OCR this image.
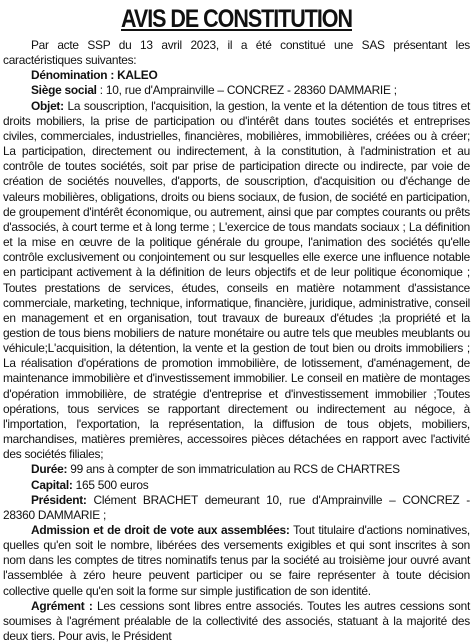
AVIS DE CONSTITUTION

Par acte SSP du 13 avril 2023, il a été constitué une SAS présentant les caractéristiques suivantes:

Dénomination : KALEO

Siège social : 10, rue d'Amprainville – CONCREZ - 28360 DAMMARIE ;

Objet: La souscription, l'acquisition, la gestion, la vente et la détention de tous titres et droits mobiliers, la prise de participation ou d'intérêt dans toutes sociétés et entreprises civiles, commerciales, industrielles, financières, mobilières, immobilières, créées ou à créer; La participation, directement ou indirectement, à la constitution, à l'administration et au contrôle de toutes sociétés, soit par prise de participation directe ou indirecte, par voie de création de sociétés nouvelles, d'apports, de souscription, d'acquisition ou d'échange de valeurs mobilières, obligations, droits ou biens sociaux, de fusion, de société en participation, de groupement d'intérêt économique, ou autrement, ainsi que par comptes courants ou prêts d'associés, à court terme et à long terme ; L'exercice de tous mandats sociaux ; La définition et la mise en œuvre de la politique générale du groupe, l'animation des sociétés qu'elle contrôle exclusivement ou conjointement ou sur lesquelles elle exerce une influence notable en participant activement à la définition de leurs objectifs et de leur politique économique ; Toutes prestations de services, études, conseils en matière notamment d'assistance commerciale, marketing, technique, informatique, financière, juridique, administrative, conseil en management et en organisation, tout travaux de bureaux d'études ;la propriété et la gestion de tous biens mobiliers de nature monétaire ou autre tels que meubles meublants ou véhicule;L'acquisition, la détention, la vente et la gestion de tout bien ou droits immobiliers ; La réalisation d'opérations de promotion immobilière, de lotissement, d'aménagement, de maintenance immobilière et d'investissement immobilier. Le conseil en matière de montages d'opération immobilière, de stratégie d'entreprise et d'investissement immobilier ;Toutes opérations, tous services se rapportant directement ou indirectement au négoce, à l'importation, l'exportation, la représentation, la diffusion de tous objets, mobiliers, marchandises, matières premières, accessoires pièces détachées en rapport avec l'activité des sociétés filiales;

Durée: 99 ans à compter de son immatriculation au RCS de CHARTRES

Capital: 165 500 euros

Président: Clément BRACHET demeurant 10, rue d'Amprainville – CONCREZ - 28360 DAMMARIE ;

Admission et de droit de vote aux assemblées: Tout titulaire d'actions nominatives, quelles qu'en soit le nombre, libérées des versements exigibles et qui sont inscrites à son nom dans les comptes de titres nominatifs tenus par la société au troisième jour ouvré avant l'assemblée à zéro heure peuvent participer ou se faire représenter à toute décision collective quelle qu'en soit la forme sur simple justification de son identité.

Agrément : Les cessions sont libres entre associés. Toutes les autres cessions sont soumises à l'agrément préalable de la collectivité des associés, statuant à la majorité des deux tiers. Pour avis, le Président
